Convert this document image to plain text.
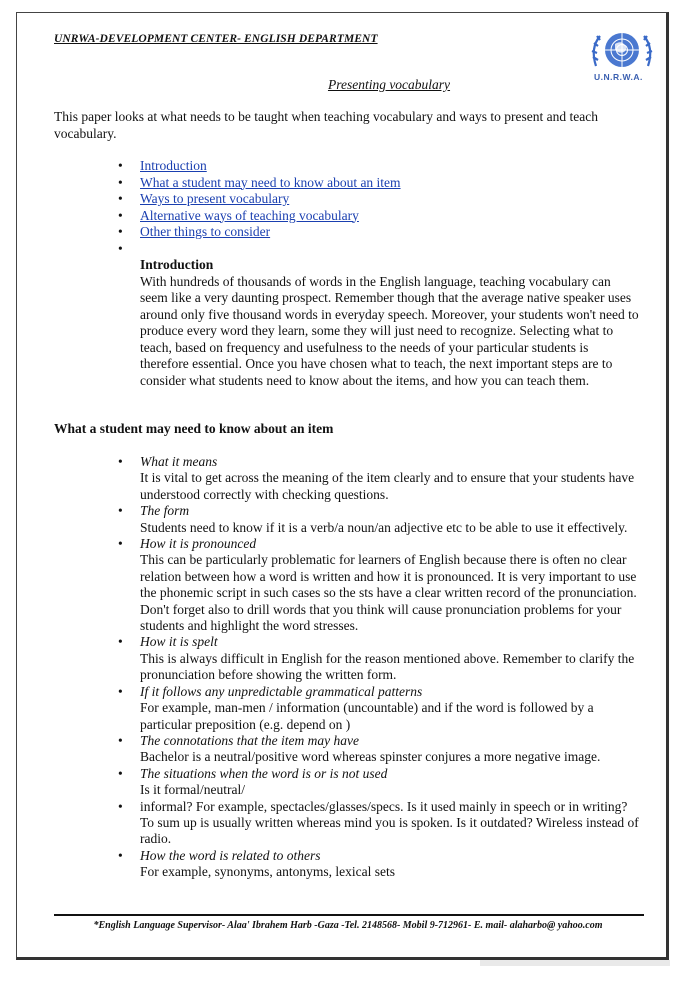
UNRWA-DEVELOPMENT CENTER- ENGLISH DEPARTMENT
U.N.R.W.A.
Presenting vocabulary
This paper looks at what needs to be taught when teaching vocabulary and ways to present and teach vocabulary.
• Introduction
• What a student may need to know about an item
• Ways to present vocabulary
• Alternative ways of teaching vocabulary
• Other things to consider
•
Introduction

With hundreds of thousands of words in the English language, teaching vocabulary can seem like a very daunting prospect. Remember though that the average native speaker uses around only five thousand words in everyday speech. Moreover, your students won't need to produce every word they learn, some they will just need to recognize. Selecting what to teach, based on frequency and usefulness to the needs of your particular students is therefore essential. Once you have chosen what to teach, the next important steps are to consider what students need to know about the items, and how you can teach them.

What a student may need to know about an item
• What it means
It is vital to get across the meaning of the item clearly and to ensure that your students have understood correctly with checking questions.
• The form
Students need to know if it is a verb/a noun/an adjective etc to be able to use it effectively.
• How it is pronounced
This can be particularly problematic for learners of English because there is often no clear relation between how a word is written and how it is pronounced. It is very important to use the phonemic script in such cases so the sts have a clear written record of the pronunciation. Don't forget also to drill words that you think will cause pronunciation problems for your students and highlight the word stresses.
• How it is spelt
This is always difficult in English for the reason mentioned above. Remember to clarify the pronunciation before showing the written form.
• If it follows any unpredictable grammatical patterns
For example, man-men / information (uncountable) and if the word is followed by a particular preposition (e.g. depend on )
• The connotations that the item may have
Bachelor is a neutral/positive word whereas spinster conjures a more negative image.
• The situations when the word is or is not used
Is it formal/neutral/
• informal? For example, spectacles/glasses/specs. Is it used mainly in speech or in writing? To sum up is usually written whereas mind you is spoken. Is it outdated? Wireless instead of radio.
• How the word is related to others
For example, synonyms, antonyms, lexical sets
*English Language Supervisor- Alaa' Ibrahem Harb -Gaza -Tel. 2148568- Mobil 9-712961- E. mail- alaharbo@ yahoo.com
